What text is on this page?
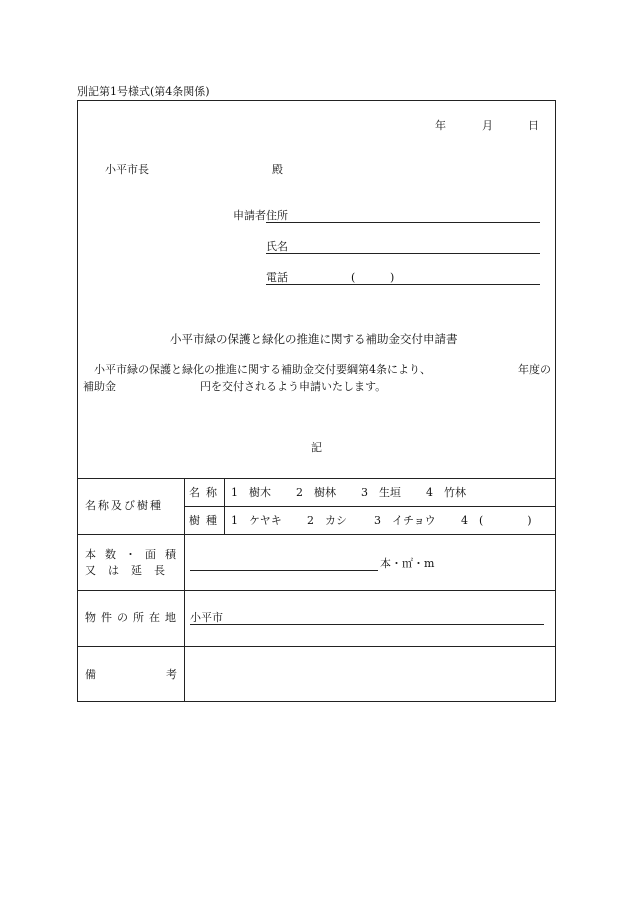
別記第1号様式(第4条関係)
年	月	日
小平市長	殿
申請者 住所
氏名
電話	(	)
小平市緑の保護と緑化の推進に関する補助金交付申請書
小平市緑の保護と緑化の推進に関する補助金交付要綱第4条により、	年度の
補助金	円を交付されるよう申請いたします。
記
名称及び樹種
名称 1　樹木 2　樹林 3　生垣 4　竹林
樹種 1　ケヤキ 2　カシ 3　イチョウ 4　(　　　　)
本数・面積
又は延長
本・㎡・m
物件の所在地 小平市
備	考
